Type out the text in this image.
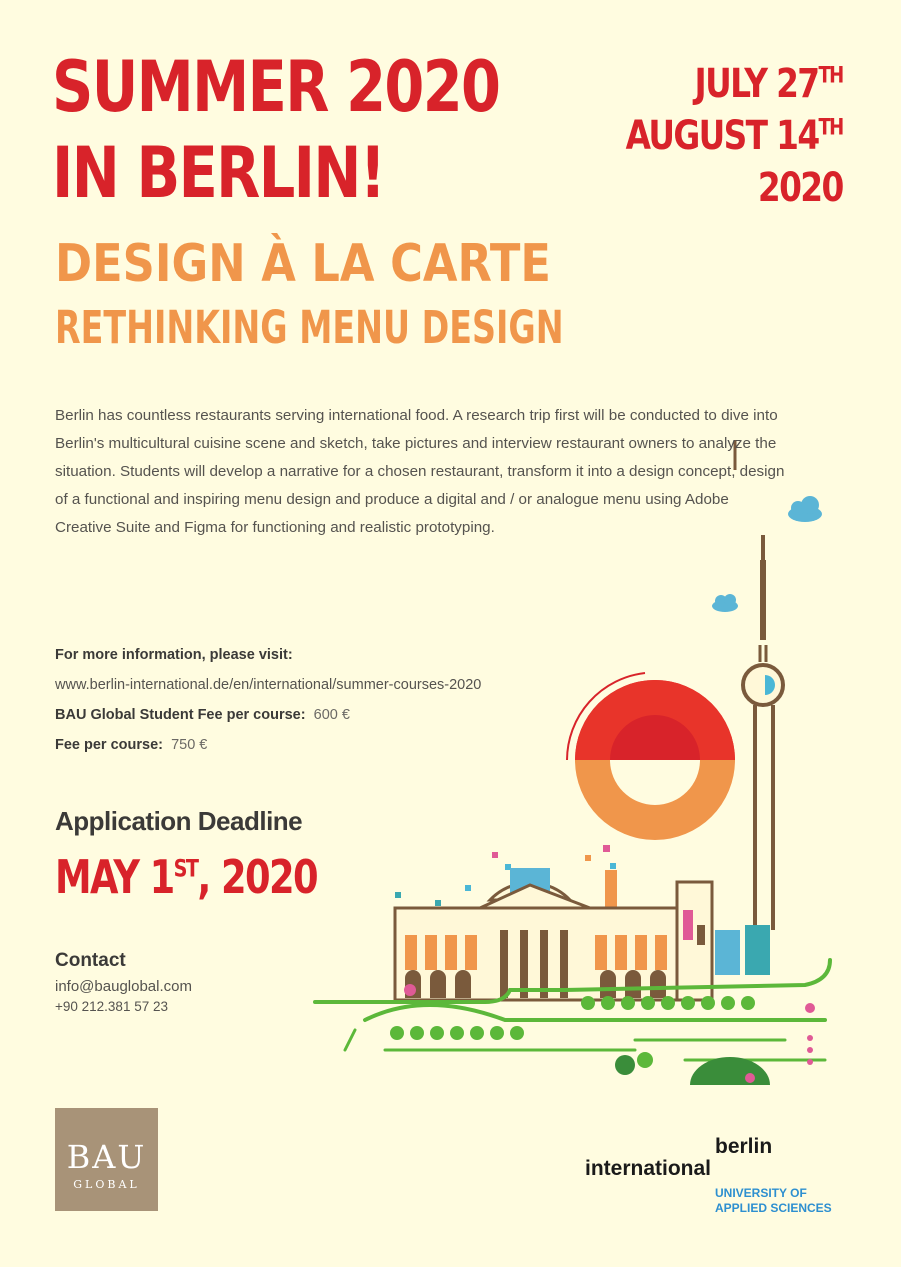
SUMMER 2020
IN BERLIN!
DESIGN À LA CARTE
RETHINKING MENU DESIGN
JULY 27TH
AUGUST 14TH
2020

Berlin has countless restaurants serving international food. A research trip first will be conducted to dive into Berlin's multicultural cuisine scene and sketch, take pictures and interview restaurant owners to analyze the situation. Students will develop a narrative for a chosen restaurant, transform it into a design concept, design of a functional and inspiring menu design and produce a digital and / or analogue menu using Adobe Creative Suite and Figma for functioning and realistic prototyping.

For more information, please visit:
www.berlin-international.de/en/international/summer-courses-2020
BAU Global Student Fee per course: 600 €
Fee per course: 750 €
Application Deadline
MAY 1ST, 2020
Contact
info@bauglobal.com
+90 212.381 57 23
BAU
GLOBAL
berlin
international
UNIVERSITY OF
APPLIED SCIENCES
